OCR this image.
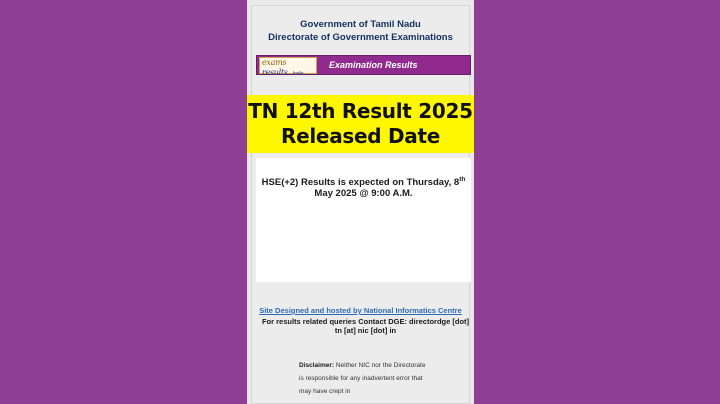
Government of Tamil Nadu
Directorate of Government Examinations
exams
results India
Examination Results
HSE(+2) Results is expected on Thursday, 8th
May 2025 @ 9:00 A.M.
Site Designed and hosted by National Informatics Centre
For results related queries Contact DGE: directordge [dot]
tn [at] nic [dot] in
Disclaimer: Neither NIC nor the Directorate is responsible for any inadvertent error that may have crept in
TN 12th Result 2025
Released Date
